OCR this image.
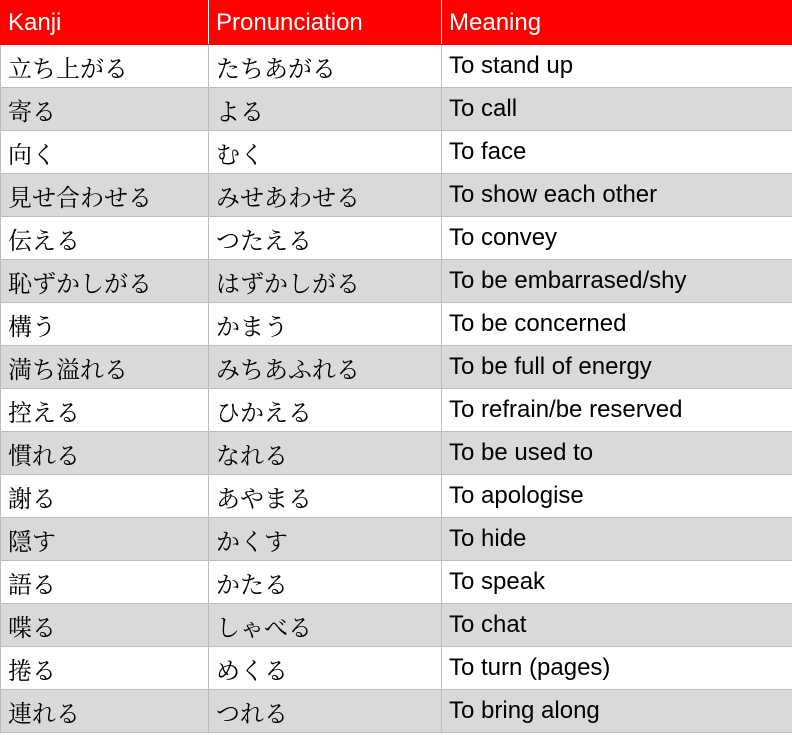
Kanji	Pronunciation	Meaning
立ち上がる	たちあがる	To stand up
寄る	よる	To call
向く	むく	To face
見せ合わせる	みせあわせる	To show each other
伝える	つたえる	To convey
恥ずかしがる	はずかしがる	To be embarrased/shy
構う	かまう	To be concerned
満ち溢れる	みちあふれる	To be full of energy
控える	ひかえる	To refrain/be reserved
慣れる	なれる	To be used to
謝る	あやまる	To apologise
隠す	かくす	To hide
語る	かたる	To speak
喋る	しゃべる	To chat
捲る	めくる	To turn (pages)
連れる	つれる	To bring along
